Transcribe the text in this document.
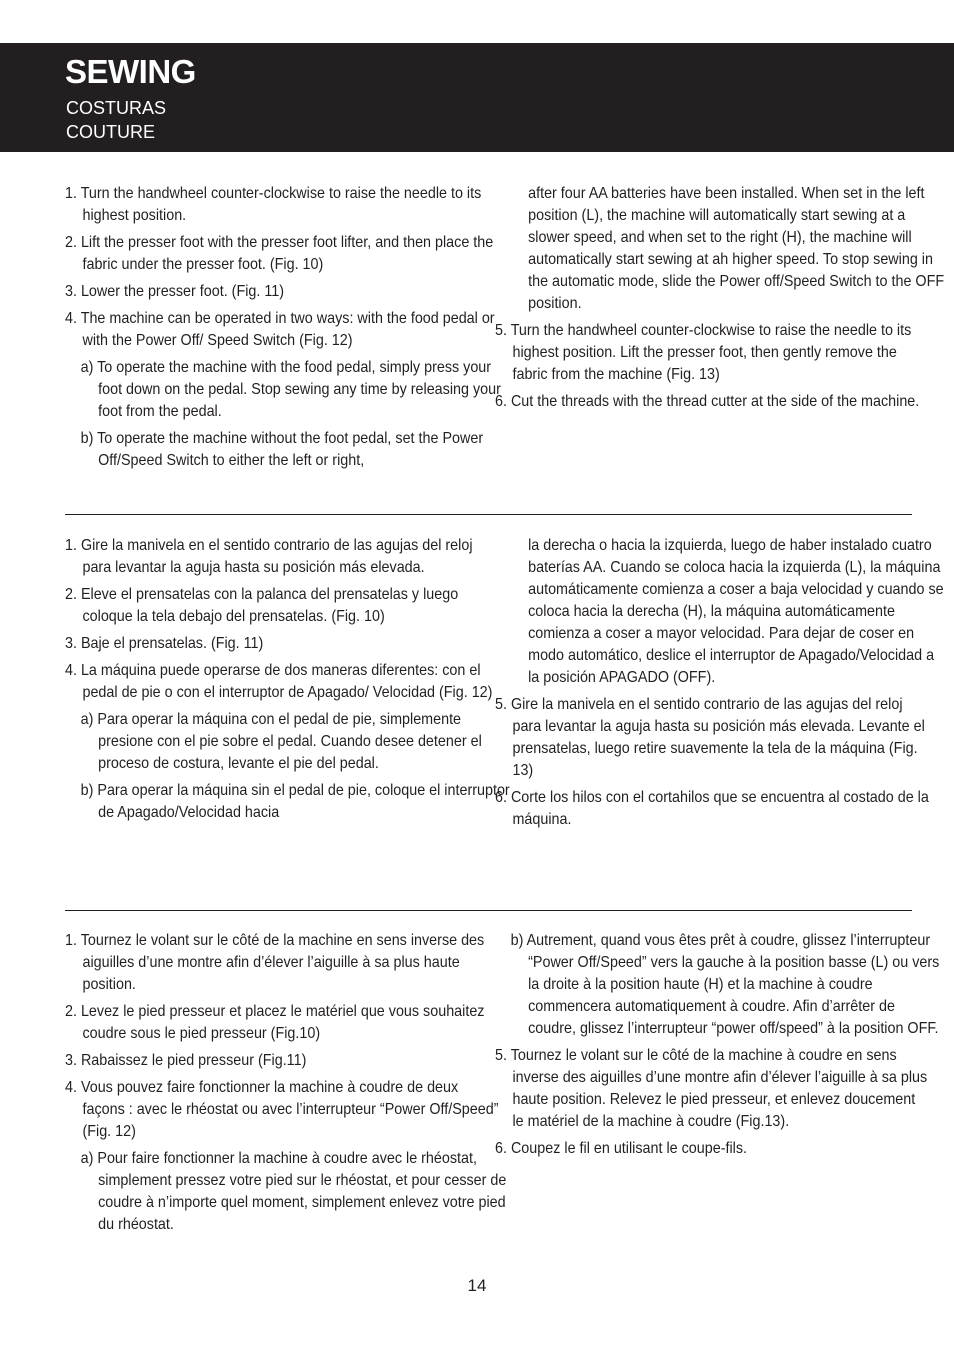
SEWING
COSTURAS
COUTURE

1. Turn the handwheel counter-clockwise to raise the needle to its highest position.

2. Lift the presser foot with the presser foot lifter, and then place the fabric under the presser foot. (Fig. 10)

3. Lower the presser foot. (Fig. 11)

4. The machine can be operated in two ways: with the food pedal or with the Power Off/ Speed Switch (Fig. 12)

a) To operate the machine with the food pedal, simply press your foot down on the pedal. Stop sewing any time by releasing your foot from the pedal.

b) To operate the machine without the foot pedal, set the Power Off/Speed Switch to either the left or right,

after four AA batteries have been installed. When set in the left position (L), the machine will automatically start sewing at a slower speed, and when set to the right (H), the machine will automatically start sewing at ah higher speed. To stop sewing in the automatic mode, slide the Power off/Speed Switch to the OFF position.

5. Turn the handwheel counter-clockwise to raise the needle to its highest position. Lift the presser foot, then gently remove the fabric from the machine (Fig. 13)

6. Cut the threads with the thread cutter at the side of the machine.

1. Gire la manivela en el sentido contrario de las agujas del reloj para levantar la aguja hasta su posición más elevada.

2. Eleve el prensatelas con la palanca del prensatelas y luego coloque la tela debajo del prensatelas. (Fig. 10)

3. Baje el prensatelas. (Fig. 11)

4. La máquina puede operarse de dos maneras diferentes: con el pedal de pie o con el interruptor de Apagado/ Velocidad (Fig. 12)

a) Para operar la máquina con el pedal de pie, simplemente presione con el pie sobre el pedal. Cuando desee detener el proceso de costura, levante el pie del pedal.

b) Para operar la máquina sin el pedal de pie, coloque el interruptor de Apagado/Velocidad hacia

la derecha o hacia la izquierda, luego de haber instalado cuatro baterías AA. Cuando se coloca hacia la izquierda (L), la máquina automáticamente comienza a coser a baja velocidad y cuando se coloca hacia la derecha (H), la máquina automáticamente comienza a coser a mayor velocidad. Para dejar de coser en modo automático, deslice el interruptor de Apagado/Velocidad a la posición APAGADO (OFF).

5. Gire la manivela en el sentido contrario de las agujas del reloj para levantar la aguja hasta su posición más elevada. Levante el prensatelas, luego retire suavemente la tela de la máquina (Fig. 13)

6. Corte los hilos con el cortahilos que se encuentra al costado de la máquina.

1. Tournez le volant sur le côté de la machine en sens inverse des aiguilles d’une montre afin d’élever l’aiguille à sa plus haute position.

2. Levez le pied presseur et placez le matériel que vous souhaitez coudre sous le pied presseur (Fig.10)

3. Rabaissez le pied presseur (Fig.11)

4. Vous pouvez faire fonctionner la machine à coudre de deux façons : avec le rhéostat ou avec l’interrupteur “Power Off/Speed” (Fig. 12)

a) Pour faire fonctionner la machine à coudre avec le rhéostat, simplement pressez votre pied sur le rhéostat, et pour cesser de coudre à n’importe quel moment, simplement enlevez votre pied du rhéostat.

b) Autrement, quand vous êtes prêt à coudre, glissez l’interrupteur “Power Off/Speed” vers la gauche à la position basse (L) ou vers la droite à la position haute (H) et la machine à coudre commencera automatiquement à coudre. Afin d’arrêter de coudre, glissez l’interrupteur “power off/speed” à la position OFF.

5. Tournez le volant sur le côté de la machine à coudre en sens inverse des aiguilles d’une montre afin d’élever l’aiguille à sa plus haute position. Relevez le pied presseur, et enlevez doucement le matériel de la machine à coudre (Fig.13).

6. Coupez le fil en utilisant le coupe-fils.

14
